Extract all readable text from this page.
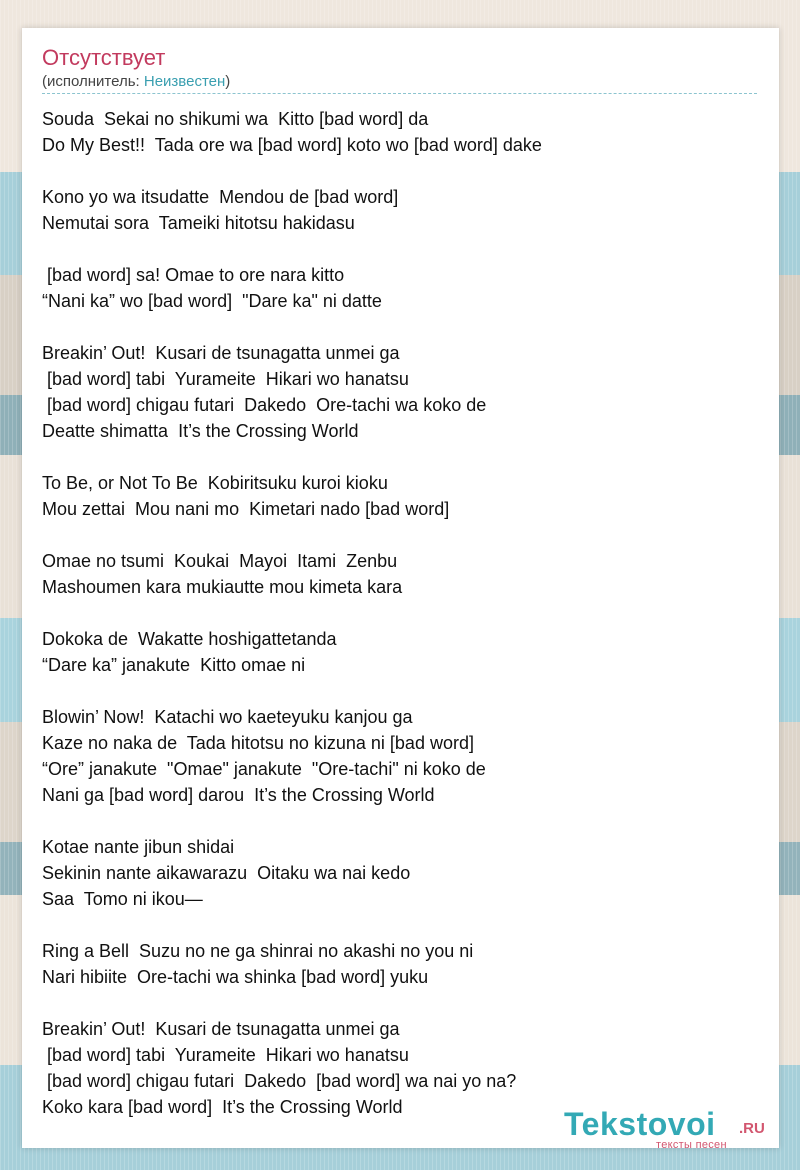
Отсутствует
(исполнитель: Неизвестен)
Souda  Sekai no shikumi wa  Kitto [bad word] da
Do My Best!!  Tada ore wa [bad word] koto wo [bad word] dake
Kono yo wa itsudatte  Mendou de [bad word]
Nemutai sora  Tameiki hitotsu hakidasu
[bad word] sa! Omae to ore nara kitto
“Nani ka” wo [bad word]  "Dare ka" ni datte
Breakin’ Out!  Kusari de tsunagatta unmei ga
[bad word] tabi  Yurameite  Hikari wo hanatsu
[bad word] chigau futari  Dakedo  Ore-tachi wa koko de
Deatte shimatta  It’s the Crossing World
To Be, or Not To Be  Kobiritsuku kuroi kioku
Mou zettai  Mou nani mo  Kimetari nado [bad word]
Omae no tsumi  Koukai  Mayoi  Itami  Zenbu
Mashoumen kara mukiautte mou kimeta kara
Dokoka de  Wakatte hoshigattetanda
“Dare ka” janakute  Kitto omae ni
Blowin’ Now!  Katachi wo kaeteyuku kanjou ga
Kaze no naka de  Tada hitotsu no kizuna ni [bad word]
“Ore” janakute  "Omae" janakute  "Ore-tachi" ni koko de
Nani ga [bad word] darou  It’s the Crossing World
Kotae nante jibun shidai
Sekinin nante aikawarazu  Oitaku wa nai kedo
Saa  Tomo ni ikou—
Ring a Bell  Suzu no ne ga shinrai no akashi no you ni
Nari hibiite  Ore-tachi wa shinka [bad word] yuku
Breakin’ Out!  Kusari de tsunagatta unmei ga
[bad word] tabi  Yurameite  Hikari wo hanatsu
[bad word] chigau futari  Dakedo  [bad word] wa nai yo na?
Koko kara [bad word]  It’s the Crossing World	Tekstovoi .RU
тексты песен
